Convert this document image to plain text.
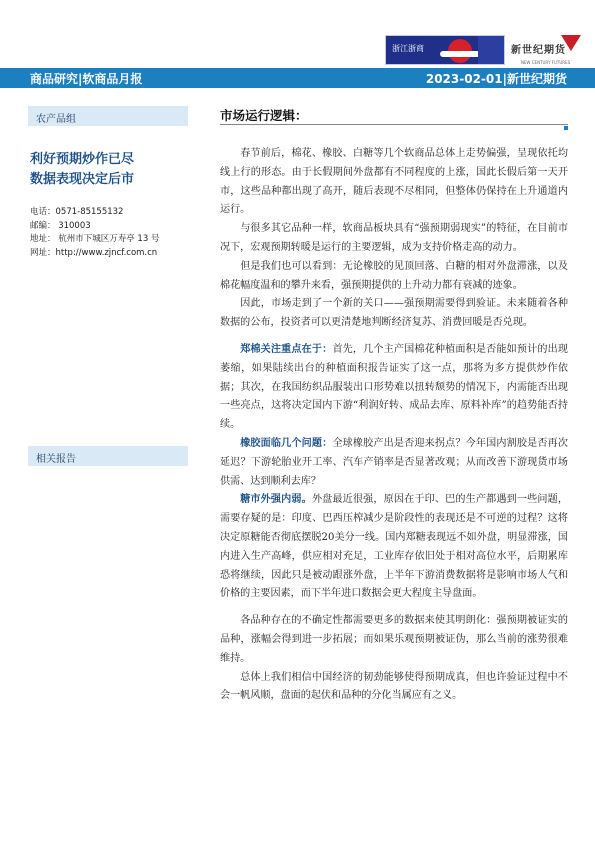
浙江浙商	新世纪期货
NEW CENTURY FUTURES
商品研究|软商品月报	2023-02-01|新世纪期货
农产品组
利好预期炒作已尽
数据表现决定后市
电话：0571-85155132
邮编： 310003
地址： 杭州市下城区万寿亭 13 号
网址：http://www.zjncf.com.cn
相关报告
市场运行逻辑：

春节前后，棉花、橡胶、白糖等几个软商品总体上走势偏强，呈现依托均线上行的形态。由于长假期间外盘都有不同程度的上涨，国此长假后第一天开市，这些品种都出现了高开，随后表现不尽相同，但整体仍保持在上升通道内运行。

与很多其它品种一样，软商品板块具有“强预期弱现实”的特征，在目前市况下，宏观预期转暖是运行的主要逻辑，成为支持价格走高的动力。

但是我们也可以看到：无论橡胶的见顶回落、白糖的相对外盘滞涨，以及棉花幅度温和的攀升来看，强预期提供的上升动力都有衰减的迹象。

因此，市场走到了一个新的关口——强预期需要得到验证。未来随着各种数据的公布，投资者可以更清楚地判断经济复苏、消费回暖是否兑现。

郑棉关注重点在于：首先，几个主产国棉花种植面积是否能如预计的出现萎缩，如果陆续出台的种植面积报告证实了这一点，那将为多方提供炒作依据；其次，在我国纺织品服装出口形势难以扭转颓势的情况下，内需能否出现一些亮点，这将决定国内下游“利润好转、成品去库、原料补库”的趋势能否持续。

橡胶面临几个问题：全球橡胶产出是否迎来拐点？今年国内割胶是否再次延迟？下游轮胎业开工率、汽车产销率是否显著改观；从而改善下游现货市场供需、达到顺利去库？

糖市外强内弱。外盘最近很强，原因在于印、巴的生产都遇到一些问题，需要存疑的是：印度、巴西压榨减少是阶段性的表现还是不可逆的过程？这将决定原糖能否彻底摆脱20美分一线。国内郑糖表现远不如外盘，明显滞涨，国内进入生产高峰，供应相对充足，工业库存依旧处于相对高位水平，后期累库恐将继续，因此只是被动跟涨外盘，上半年下游消费数据将是影响市场人气和价格的主要因素，而下半年进口数据会更大程度主导盘面。

各品种存在的不确定性都需要更多的数据来使其明朗化：强预期被证实的品种，涨幅会得到进一步拓展；而如果乐观预期被证伪，那么当前的涨势很难维持。

总体上我们相信中国经济的韧劲能够使得预期成真，但也许验证过程中不会一帆风顺，盘面的起伏和品种的分化当属应有之义。
